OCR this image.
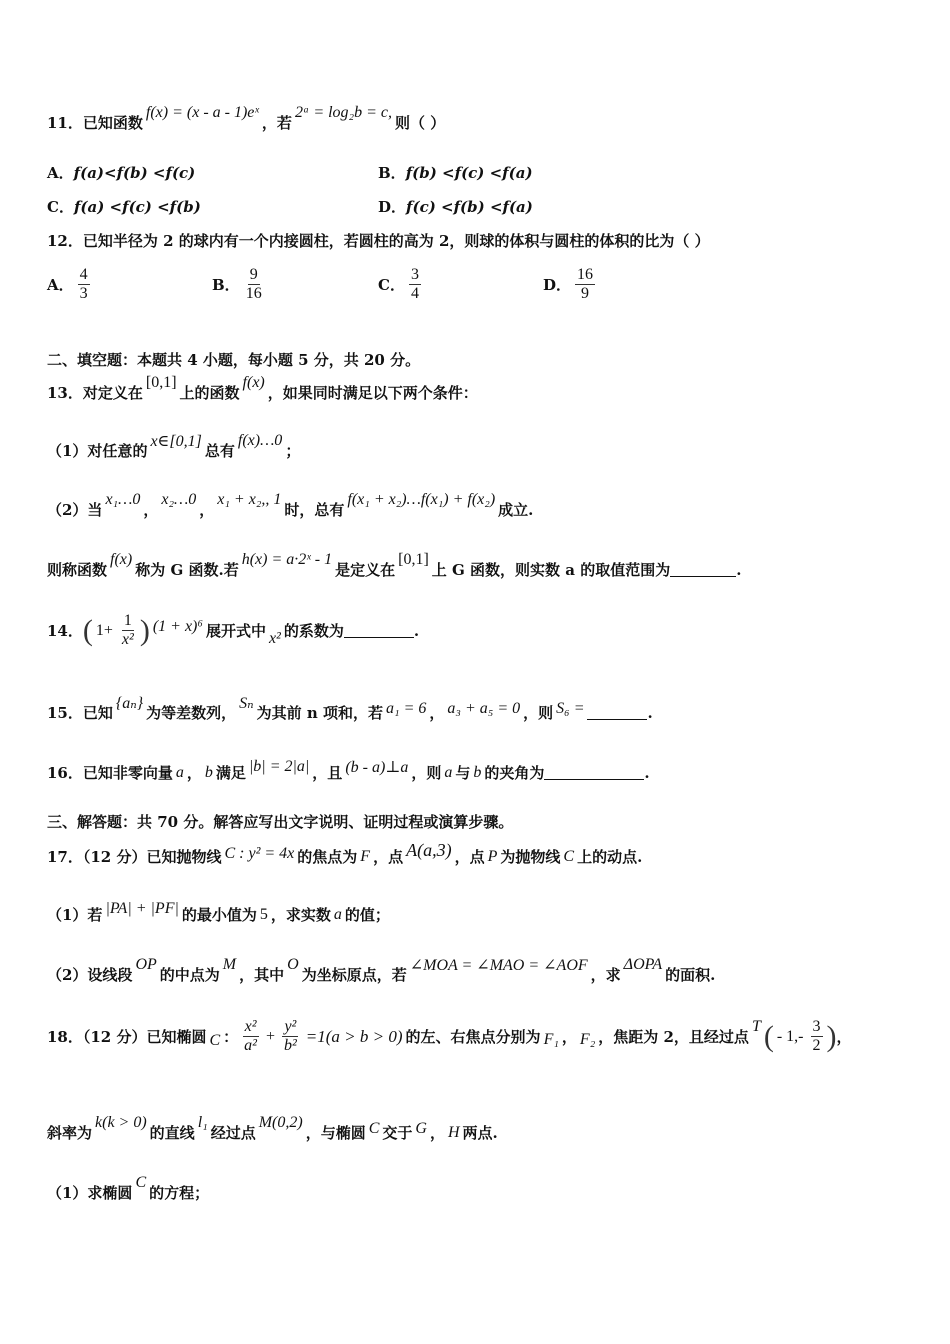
11． 已知函数
f(x) = (x - a - 1)eˣ
，若
2ᵃ = log₂b = c,
则（ ）
A． f(a)<f(b) <f(c)	B． f(b) <f(c) <f(a)
C． f(a) <f(c) <f(b)	D． f(c) <f(b) <f(a)
12．已知半径为 2 的球内有一个内接圆柱，若圆柱的高为 2，则球的体积与圆柱的体积的比为（ ）
A． $\frac{4}{3}$	B． $\frac{9}{16}$	C． $\frac{3}{4}$	D． $\frac{16}{9}$
二、填空题：本题共 4 小题，每小题 5 分，共 20 分。
13．对定义在
[0,1]
上的函数
f(x)
，如果同时满足以下两个条件：
（1）对任意的
x∈[0,1]
总有
f(x)…0
；
（2）当
x₁…0
，
x₂…0
，
x₁ + x₂,, 1
时，总有
f(x₁ + x₂)…f(x₁) + f(x₂)
成立.
则称函数
f(x)
称为 G 函数.若
h(x) = a·2ˣ - 1
是定义在
[0,1]
上 G 函数，则实数 a 的取值范围为	.
14． ( $1+ \frac{1}{\text{x²}}$ ) (1 + x)⁶ 展开式中 x² 的系数为	.
15．已知
{aₙ}
为等差数列，
Sₙ
为其前 n 项和，若 a₁ = 6 ， a₃ + a₅ = 0 ，则 S₆ =	.
16．已知非零向量 a ， b 满足 |b| = 2|a| ，且 (b - a)⊥a ，则 a 与 b 的夹角为	.
三、解答题：共 70 分。解答应写出文字说明、证明过程或演算步骤。
17．（12 分）已知抛物线 C : y² = 4x 的焦点为 F ，点 A(a,3) ，点 P 为抛物线 C 上的动点.
（1）若 |PA| + |PF| 的最小值为 5 ，求实数 a 的值；
（2）设线段
OP
的中点为
M
，其中
O
为坐标原点，若
∠MOA = ∠MAO = ∠AOF
，求
ΔOPA
的面积.
18．（12 分）已知椭圆 C ： $\frac{\text{x²}}{\text{a²}} + \frac{\text{y²}}{\text{b²}} =1(a > b > 0)$ 的左、右焦点分别为 F₁ ， F₂ ，焦距为 2，且经过点
T ( - $1,- \frac{3}{2}$ ) ，
斜率为
k(k > 0)
的直线
l₁
经过点
M(0,2)
，与椭圆 C 交于 G ， H 两点.
（1）求椭圆
C
的方程；
